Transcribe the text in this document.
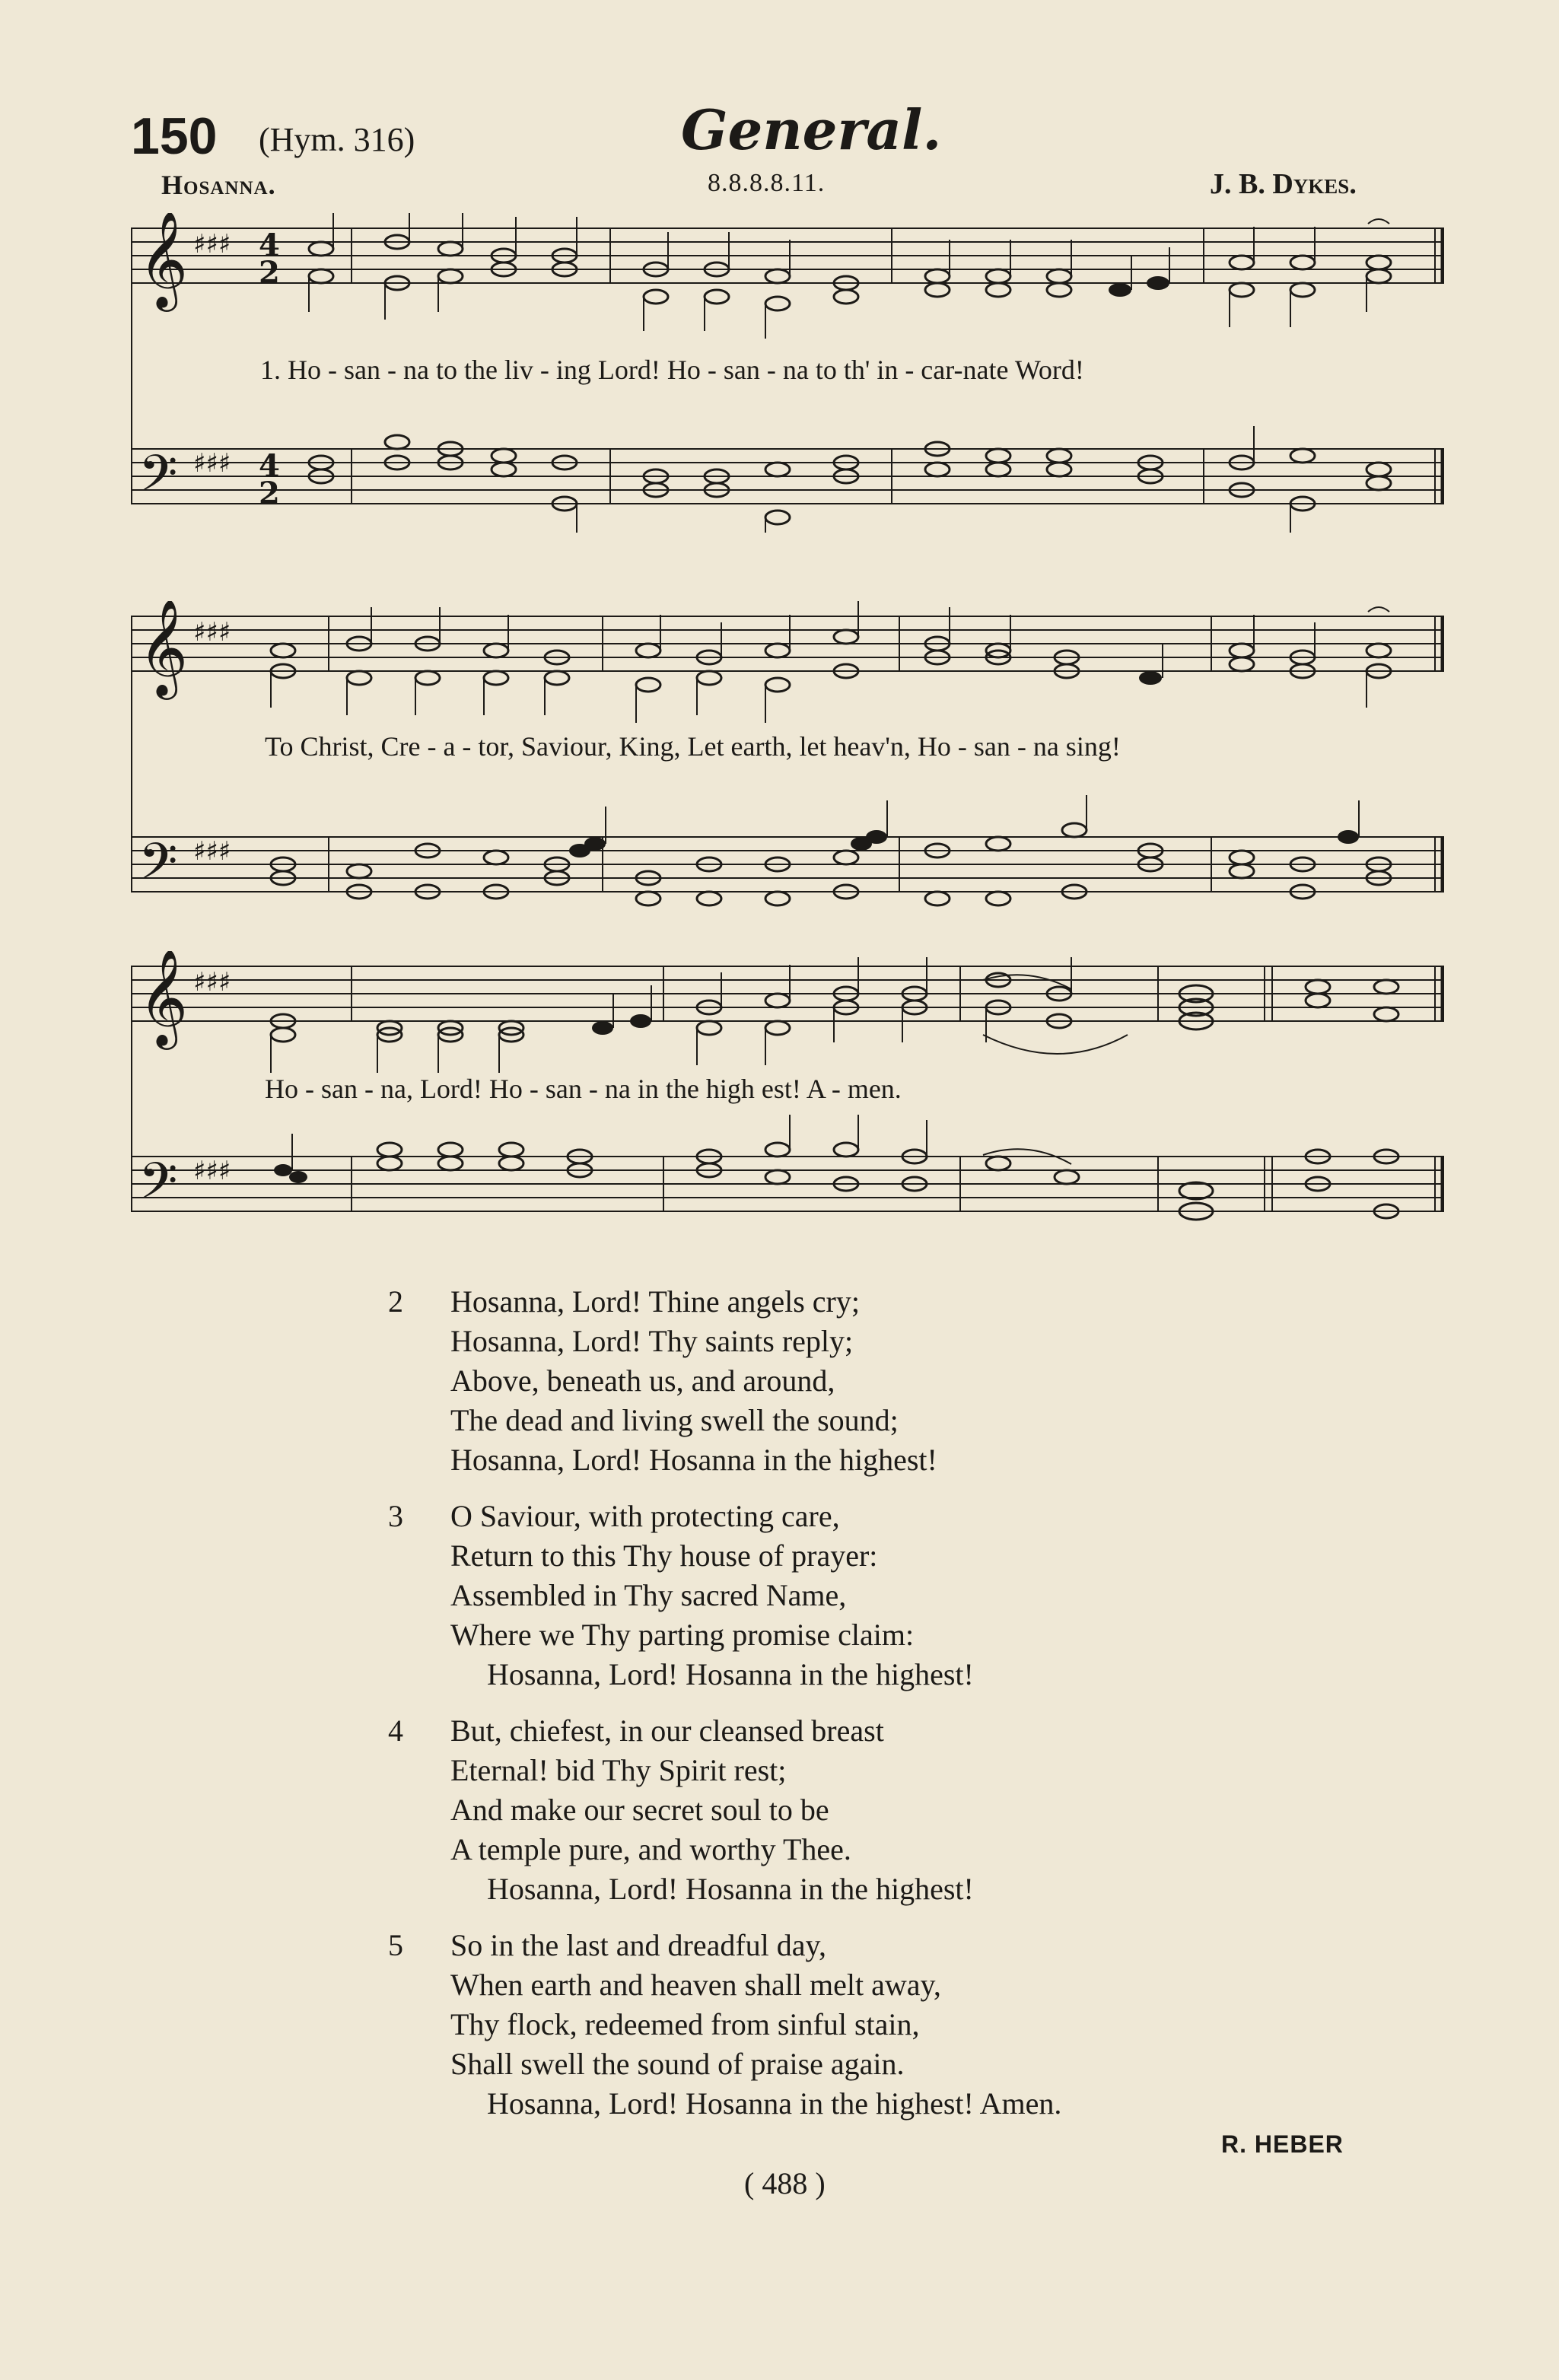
150 (Hym. 316)	General.
Hosanna.	8.8.8.8.11.	J. B. Dykes.
𝄞
𝄢
♯♯♯
♯♯♯
4
2
4
2
1. Ho - san - na to the liv - ing Lord! Ho - san - na to th' in - car-nate Word!
𝄞
𝄢
♯♯♯
♯♯♯
To Christ, Cre - a - tor, Saviour, King, Let earth, let heav'n, Ho - san - na sing!
𝄞
𝄢
♯♯♯
♯♯♯
Ho - san - na, Lord! Ho - san - na in the high est! A - men.
2	Hosanna, Lord! Thine angels cry;
Hosanna, Lord! Thy saints reply;
Above, beneath us, and around,
The dead and living swell the sound;
Hosanna, Lord! Hosanna in the highest!
3	O Saviour, with protecting care,
Return to this Thy house of prayer:
Assembled in Thy sacred Name,
Where we Thy parting promise claim:
Hosanna, Lord! Hosanna in the highest!
4	But, chiefest, in our cleansed breast
Eternal! bid Thy Spirit rest;
And make our secret soul to be
A temple pure, and worthy Thee.
Hosanna, Lord! Hosanna in the highest!
5	So in the last and dreadful day,
When earth and heaven shall melt away,
Thy flock, redeemed from sinful stain,
Shall swell the sound of praise again.
Hosanna, Lord! Hosanna in the highest! Amen.
R. HEBER
( 488 )
